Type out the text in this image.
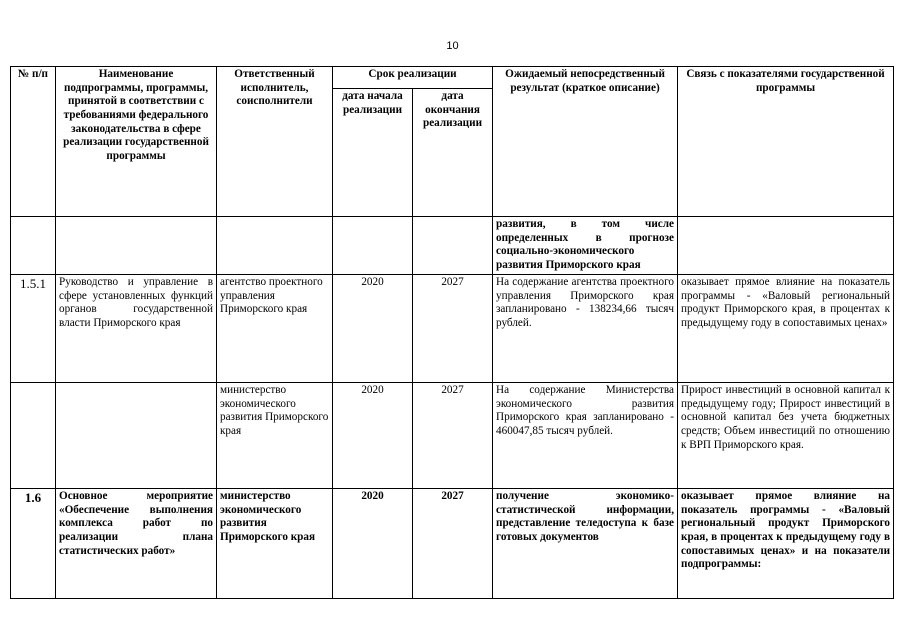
10
№ п/п	Наименование подпрограммы, программы, принятой в соответствии с требованиями федерального законодательства в сфере реализации государственной программы	Ответственный исполнитель, соисполнители	Срок реализации		Ожидаемый непосредственный результат (краткое описание)	Связь с показателями государственной программы
			дата начала реализации	дата окончания реализации		
					развития, в том числе определенных в прогнозе социально-экономического развития Приморского края	
1.5.1	Руководство и управление в сфере установленных функций органов государственной власти Приморского края	агентство проектного управления Приморского края	2020	2027	На содержание агентства проектного управления Приморского края запланировано - 138234,66 тысяч рублей.	оказывает прямое влияние на показатель программы - «Валовый региональный продукт Приморского края, в процентах к предыдущему году в сопоставимых ценах»
		министерство экономического развития Приморского края	2020	2027	На содержание Министерства экономического развития Приморского края запланировано - 460047,85 тысяч рублей.	Прирост инвестиций в основной капитал к предыдущему году; Прирост инвестиций в основной капитал без учета бюджетных средств; Объем инвестиций по отношению к ВРП Приморского края.
1.6	Основное мероприятие «Обеспечение выполнения комплекса работ по реализации плана статистических работ»	министерство экономического развития Приморского края	2020	2027	получение экономико-статистической информации, представление теледоступа к базе готовых документов	оказывает прямое влияние на показатель программы - «Валовый региональный продукт Приморского края, в процентах к предыдущему году в сопоставимых ценах» и на показатели подпрограммы:
